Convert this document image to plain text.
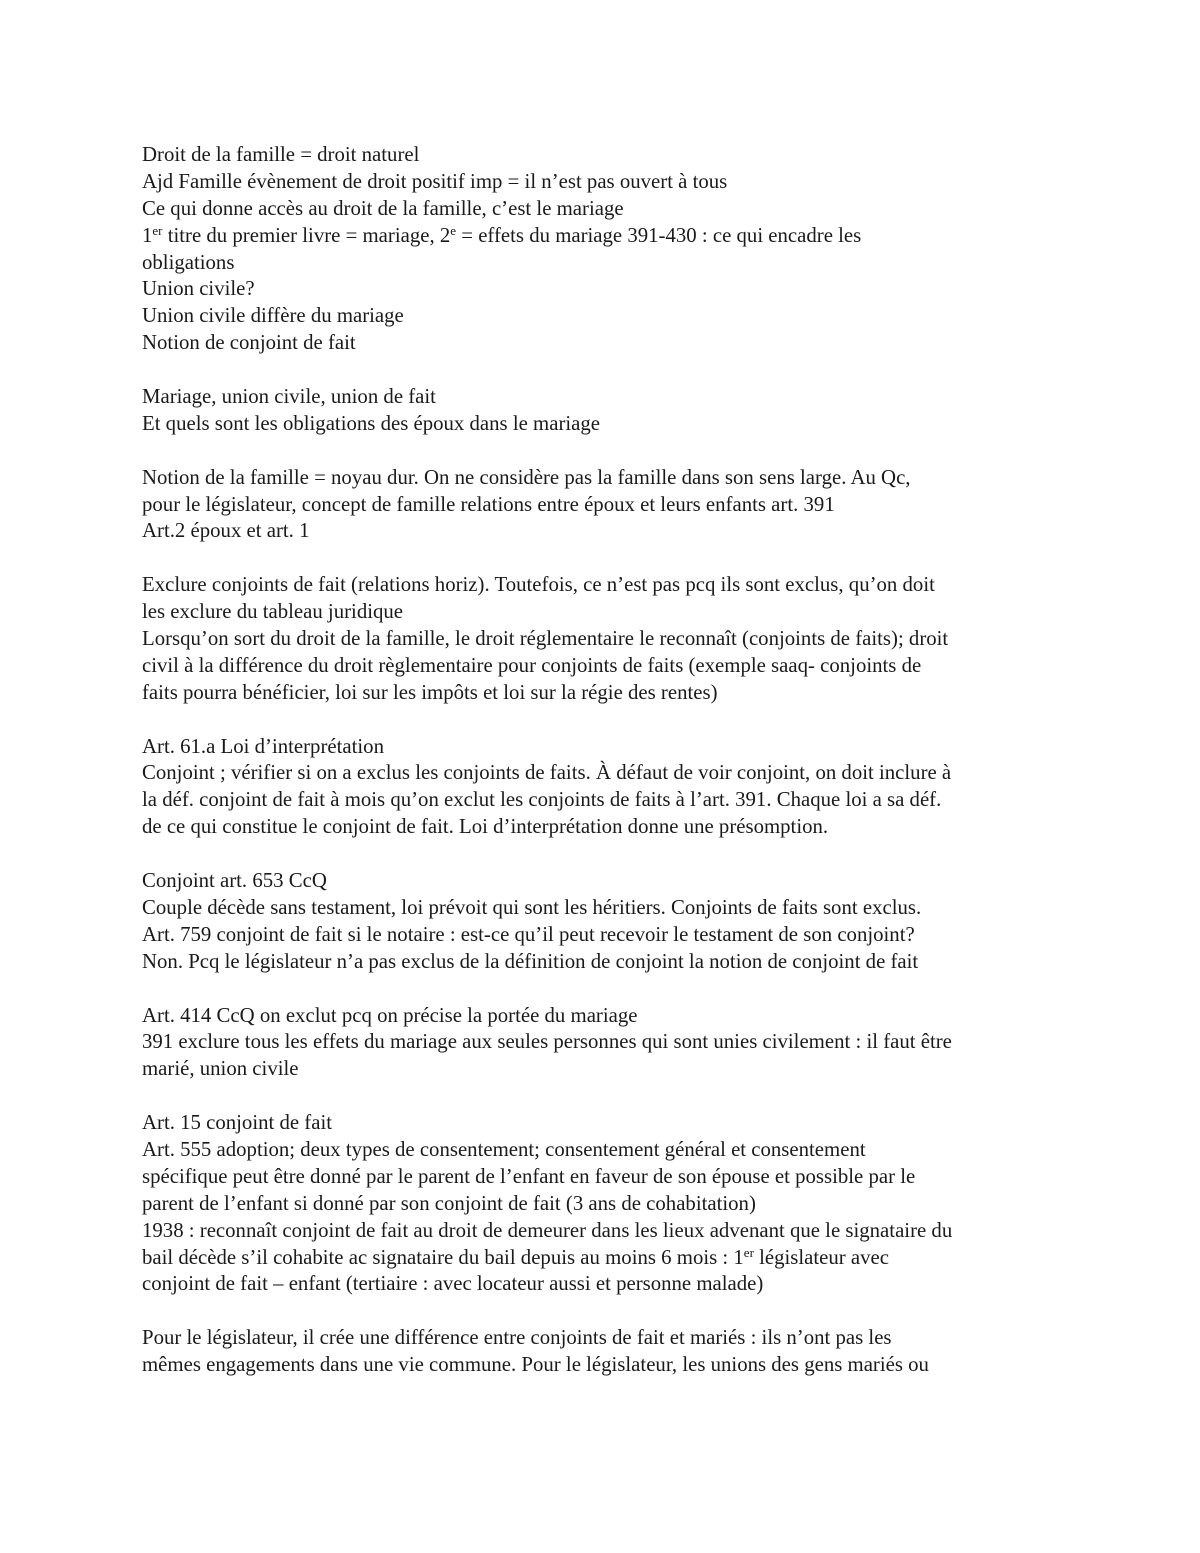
Droit de la famille = droit naturel
Ajd Famille évènement de droit positif imp = il n’est pas ouvert à tous
Ce qui donne accès au droit de la famille, c’est le mariage
1er titre du premier livre = mariage, $2^e$ = effets du mariage 391-430 : ce qui encadre les
obligations
Union civile?
Union civile diffère du mariage
Notion de conjoint de fait
Mariage, union civile, union de fait
Et quels sont les obligations des époux dans le mariage
Notion de la famille = noyau dur. On ne considère pas la famille dans son sens large. Au Qc,
pour le législateur, concept de famille relations entre époux et leurs enfants art. 391
Art.2 époux et art. 1
Exclure conjoints de fait (relations horiz). Toutefois, ce n’est pas pcq ils sont exclus, qu’on doit
les exclure du tableau juridique
Lorsqu’on sort du droit de la famille, le droit réglementaire le reconnaît (conjoints de faits); droit
civil à la différence du droit règlementaire pour conjoints de faits (exemple saaq- conjoints de
faits pourra bénéficier, loi sur les impôts et loi sur la régie des rentes)
Art. 61.a Loi d’interprétation
Conjoint ; vérifier si on a exclus les conjoints de faits. À défaut de voir conjoint, on doit inclure à
la déf. conjoint de fait à mois qu’on exclut les conjoints de faits à l’art. 391. Chaque loi a sa déf.
de ce qui constitue le conjoint de fait. Loi d’interprétation donne une présomption.
Conjoint art. 653 CcQ
Couple décède sans testament, loi prévoit qui sont les héritiers. Conjoints de faits sont exclus.
Art. 759 conjoint de fait si le notaire : est-ce qu’il peut recevoir le testament de son conjoint?
Non. Pcq le législateur n’a pas exclus de la définition de conjoint la notion de conjoint de fait
Art. 414 CcQ on exclut pcq on précise la portée du mariage
391 exclure tous les effets du mariage aux seules personnes qui sont unies civilement : il faut être
marié, union civile
Art. 15 conjoint de fait
Art. 555 adoption; deux types de consentement; consentement général et consentement
spécifique peut être donné par le parent de l’enfant en faveur de son épouse et possible par le
parent de l’enfant si donné par son conjoint de fait (3 ans de cohabitation)
1938 : reconnaît conjoint de fait au droit de demeurer dans les lieux advenant que le signataire du
bail décède s’il cohabite ac signataire du bail depuis au moins 6 mois : 1er législateur avec
conjoint de fait – enfant (tertiaire : avec locateur aussi et personne malade)
Pour le législateur, il crée une différence entre conjoints de fait et mariés : ils n’ont pas les
mêmes engagements dans une vie commune. Pour le législateur, les unions des gens mariés ou
